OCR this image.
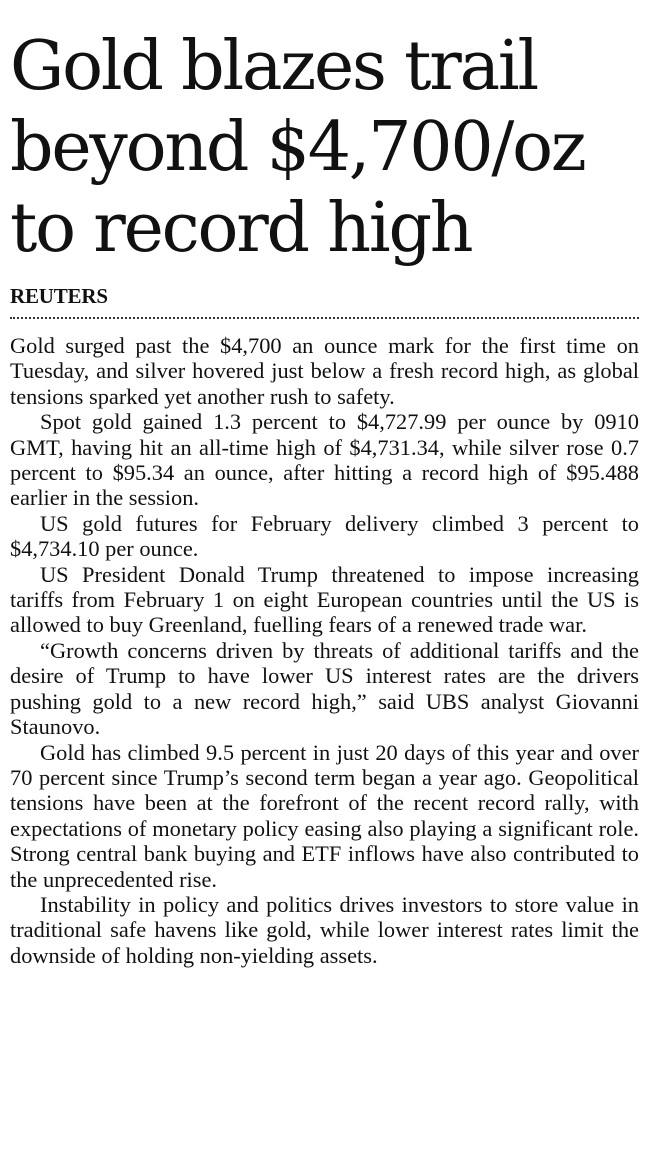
Gold blazes trail
beyond $4,700/oz
to record high
REUTERS

Gold surged past the $4,700 an ounce mark for the first time on Tuesday, and silver hovered just below a fresh record high, as global tensions sparked yet another rush to safety.

Spot gold gained 1.3 percent to $4,727.99 per ounce by 0910 GMT, having hit an all-time high of $4,731.34, while silver rose 0.7 percent to $95.34 an ounce, after hitting a record high of $95.488 earlier in the session.

US gold futures for February delivery climbed 3 percent to $4,734.10 per ounce.

US President Donald Trump threatened to impose increasing tariffs from February 1 on eight European countries until the US is allowed to buy Greenland, fuelling fears of a renewed trade war.

“Growth concerns driven by threats of additional tariffs and the desire of Trump to have lower US interest rates are the drivers pushing gold to a new record high,” said UBS analyst Giovanni Staunovo.

Gold has climbed 9.5 percent in just 20 days of this year and over 70 percent since Trump’s second term began a year ago. Geopolitical tensions have been at the forefront of the recent record rally, with expectations of monetary policy easing also playing a significant role. Strong central bank buying and ETF inflows have also contributed to the unprecedented rise.

Instability in policy and politics drives investors to store value in traditional safe havens like gold, while lower interest rates limit the downside of holding non-yielding assets.
